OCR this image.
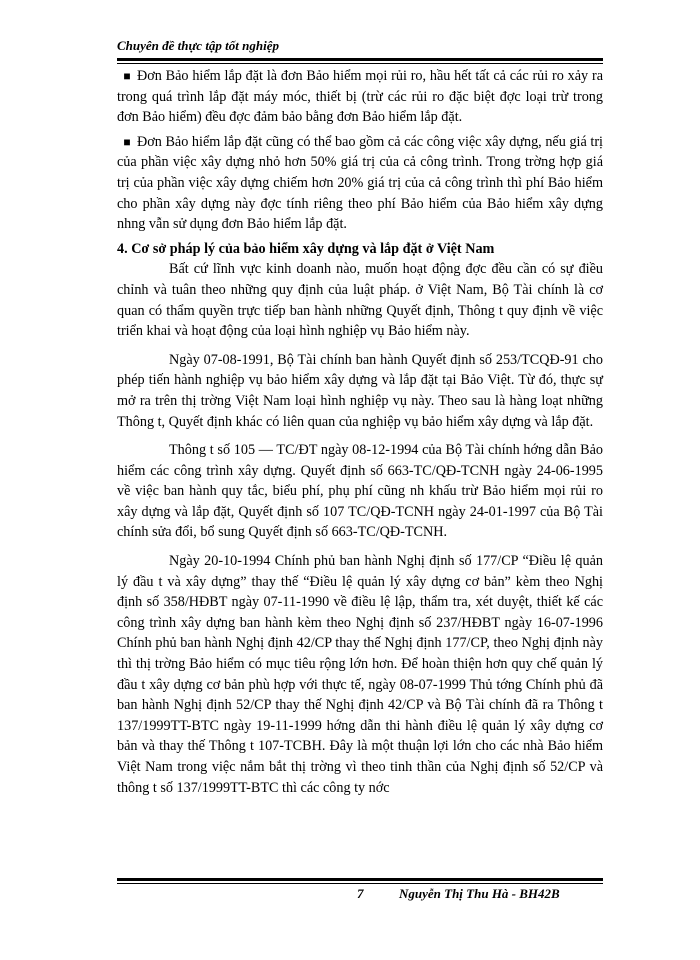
Chuyên đề thực tập tốt nghiệp

■ Đơn Bảo hiểm lắp đặt là đơn Bảo hiểm mọi rủi ro, hầu hết tất cả các rủi ro xảy ra trong quá trình lắp đặt máy móc, thiết bị (trừ các rủi ro đặc biệt đợc loại trừ trong đơn Bảo hiểm) đều đợc đảm bảo bằng đơn Bảo hiểm lắp đặt.

■ Đơn Bảo hiểm lắp đặt cũng có thể bao gồm cả các công việc xây dựng, nếu giá trị của phần việc xây dựng nhỏ hơn 50% giá trị của cả công trình. Trong trờng hợp giá trị của phần việc xây dựng chiếm hơn 20% giá trị của cả công trình thì phí Bảo hiểm cho phần xây dựng này đợc tính riêng theo phí Bảo hiểm của Bảo hiểm xây dựng nhng vẫn sử dụng đơn Bảo hiểm lắp đặt.

4. Cơ sở pháp lý của bảo hiểm xây dựng và lắp đặt ở Việt Nam

Bất cứ lĩnh vực kinh doanh nào, muốn hoạt động đợc đều cần có sự điều chỉnh và tuân theo những quy định của luật pháp. ở Việt Nam, Bộ Tài chính là cơ quan có thẩm quyền trực tiếp ban hành những Quyết định, Thông t quy định về việc triển khai và hoạt động của loại hình nghiệp vụ Bảo hiểm này.

Ngày 07-08-1991, Bộ Tài chính ban hành Quyết định số 253/TCQĐ-91 cho phép tiến hành nghiệp vụ bảo hiểm xây dựng và lắp đặt tại Bảo Việt. Từ đó, thực sự mở ra trên thị trờng Việt Nam loại hình nghiệp vụ này. Theo sau là hàng loạt những Thông t, Quyết định khác có liên quan của nghiệp vụ bảo hiểm xây dựng và lắp đặt.

Thông t số 105 — TC/ĐT ngày 08-12-1994 của Bộ Tài chính hớng dẫn Bảo hiểm các công trình xây dựng. Quyết định số 663-TC/QĐ-TCNH ngày 24-06-1995 về việc ban hành quy tắc, biểu phí, phụ phí cũng nh khấu trừ Bảo hiểm mọi rủi ro xây dựng và lắp đặt, Quyết định số 107 TC/QĐ-TCNH ngày 24-01-1997 của Bộ Tài chính sửa đổi, bổ sung Quyết định số 663-TC/QĐ-TCNH.

Ngày 20-10-1994 Chính phủ ban hành Nghị định số 177/CP “Điều lệ quản lý đầu t và xây dựng” thay thế “Điều lệ quản lý xây dựng cơ bản” kèm theo Nghị định số 358/HĐBT ngày 07-11-1990 về điều lệ lập, thẩm tra, xét duyệt, thiết kế các công trình xây dựng ban hành kèm theo Nghị định số 237/HĐBT ngày 16-07-1996 Chính phủ ban hành Nghị định 42/CP thay thế Nghị định 177/CP, theo Nghị định này thì thị trờng Bảo hiểm có mục tiêu rộng lớn hơn. Để hoàn thiện hơn quy chế quản lý đầu t xây dựng cơ bản phù hợp với thực tế, ngày 08-07-1999 Thủ tớng Chính phủ đã ban hành Nghị định 52/CP thay thế Nghị định 42/CP và Bộ Tài chính đã ra Thông t 137/1999TT-BTC ngày 19-11-1999 hớng dẫn thi hành điều lệ quản lý xây dựng cơ bản và thay thế Thông t 107-TCBH. Đây là một thuận lợi lớn cho các nhà Bảo hiểm Việt Nam trong việc nắm bắt thị trờng vì theo tinh thần của Nghị định số 52/CP và thông t số 137/1999TT-BTC thì các công ty nớc

7	Nguyễn Thị Thu Hà - BH42B
